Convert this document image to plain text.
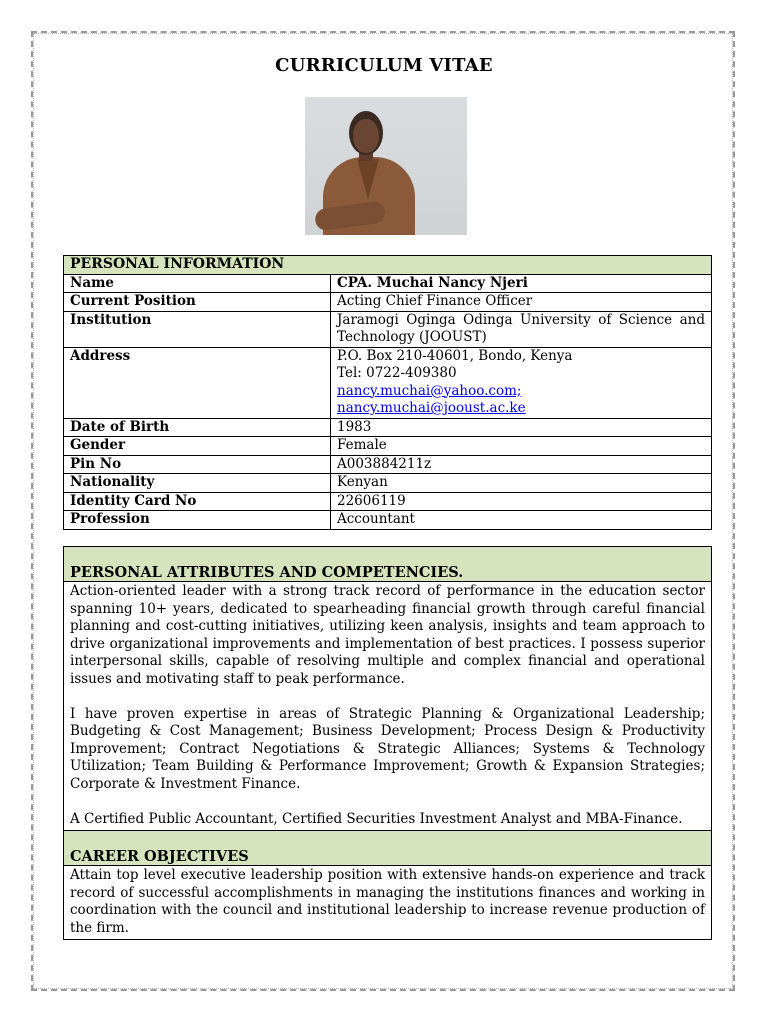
CURRICULUM VITAE
PERSONAL INFORMATION	
Name	CPA. Muchai Nancy Njeri
Current Position	Acting Chief Finance Officer
Institution	Jaramogi Oginga Odinga University of Science and Technology (JOOUST)
Address	P.O. Box 210-40601, Bondo, Kenya
Tel: 0722-409380
nancy.muchai@yahoo.com;
nancy.muchai@jooust.ac.ke

Date of Birth	1983
Gender	Female
Pin No	A003884211z
Nationality	Kenyan
Identity Card No	22606119
Profession	Accountant
PERSONAL ATTRIBUTES AND COMPETENCIES.

Action-oriented leader with a strong track record of performance in the education sector spanning 10+ years, dedicated to spearheading financial growth through careful financial planning and cost-cutting initiatives, utilizing keen analysis, insights and team approach to drive organizational improvements and implementation of best practices. I possess superior interpersonal skills, capable of resolving multiple and complex financial and operational issues and motivating staff to peak performance.

I have proven expertise in areas of Strategic Planning & Organizational Leadership; Budgeting & Cost Management; Business Development; Process Design & Productivity Improvement; Contract Negotiations & Strategic Alliances; Systems & Technology Utilization; Team Building & Performance Improvement; Growth & Expansion Strategies; Corporate & Investment Finance.

A Certified Public Accountant, Certified Securities Investment Analyst and MBA-Finance.

CAREER OBJECTIVES

Attain top level executive leadership position with extensive hands-on experience and track record of successful accomplishments in managing the institutions finances and working in coordination with the council and institutional leadership to increase revenue production of the firm.
